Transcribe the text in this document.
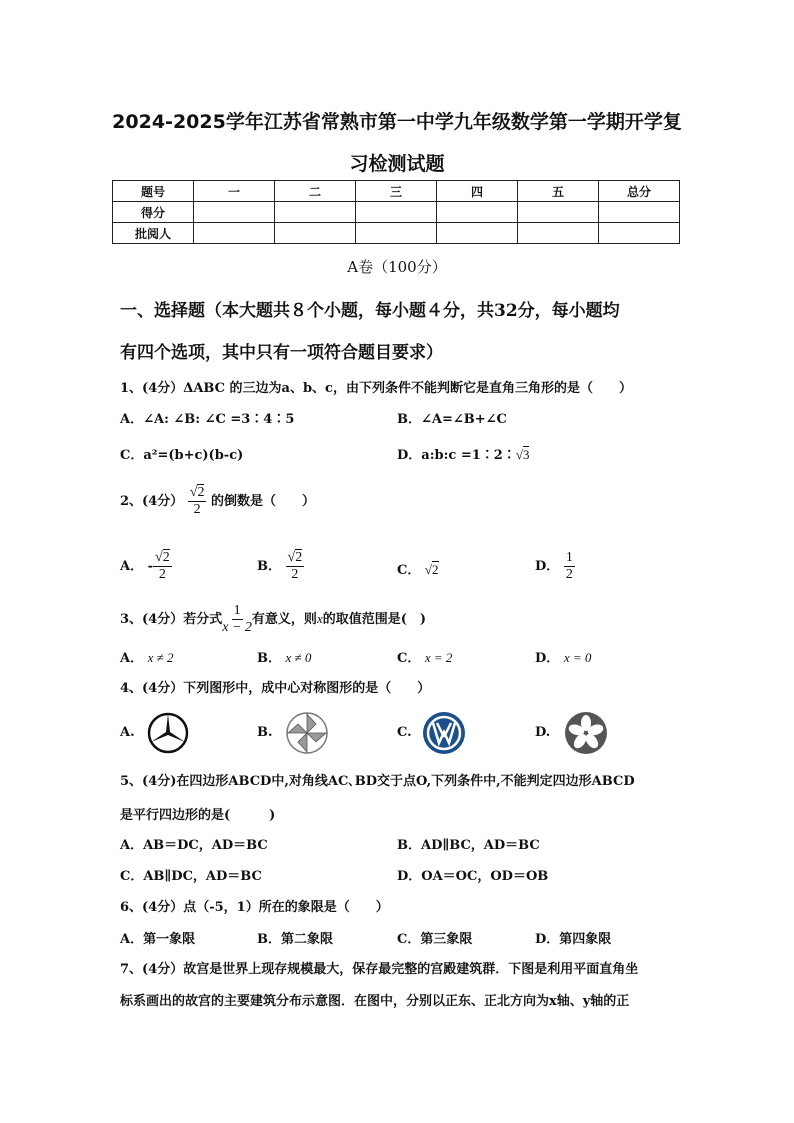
2024-2025学年江苏省常熟市第一中学九年级数学第一学期开学复
习检测试题
题号	一	二	三	四	五	总分
得分						
批阅人						
A卷（100分）
一、选择题（本大题共８个小题，每小题４分，共32分，每小题均
有四个选项，其中只有一项符合题目要求）
1、(4分）ΔABC 的三边为a、b、c，由下列条件不能判断它是直角三角形的是（　　）
A．∠A: ∠B: ∠C =3∶4∶5	B．∠A=∠B+∠C
C．a²=(b+c)(b-c)	D．a:b:c =1∶2∶√3
2、(4分） $\frac{√2}{2}$ 的倒数是（　　）
A． - $\frac{√2}{2}$	B． $\frac{√2}{2}$	C． √2	D． $\frac{1}{2}$
3、(4分）若分式 $\frac{1}{x - 2}$ 有意义，则x的取值范围是(　)
A． x ≠ 2	B． x ≠ 0	C． x = 2	D． x = 0
4、(4分）下列图形中，成中心对称图形的是（　　）
A.	B.	C.	D.
5、(4分)在四边形ABCD中,对角线AC､BD交于点O,下列条件中,不能判定四边形ABCD
是平行四边形的是(　　　)
A．AB＝DC，AD＝BC	B．AD∥BC，AD＝BC
C．AB∥DC，AD＝BC	D．OA＝OC，OD＝OB
6、(4分）点（-5，1）所在的象限是（　　）
A．第一象限	B．第二象限	C．第三象限	D．第四象限
7、(4分）故宫是世界上现存规模最大，保存最完整的宫殿建筑群．下图是利用平面直角坐
标系画出的故宫的主要建筑分布示意图．在图中，分别以正东、正北方向为x轴、y轴的正
